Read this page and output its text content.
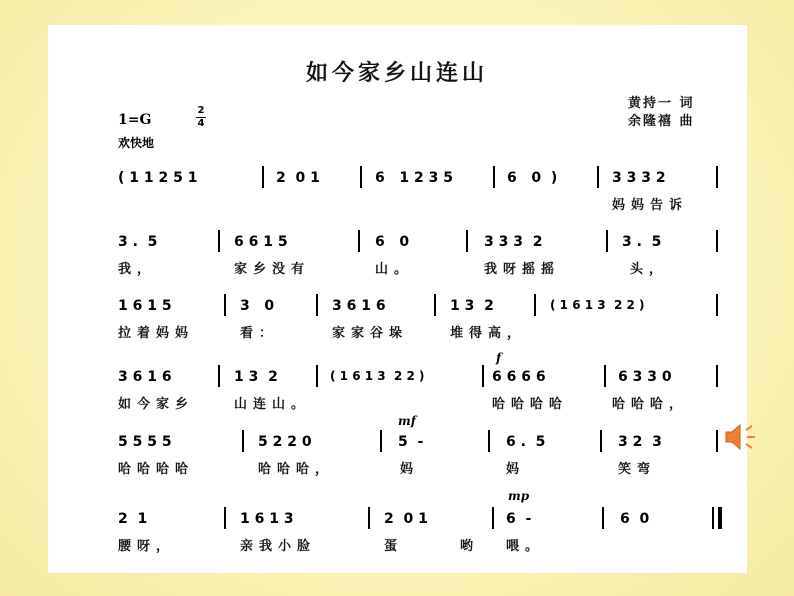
如今家乡山连山
黄持一 词
余隆禧 曲
1=G
2
4
欢快地
( 1 1 2 5 1	2  0 1	6   1 2 3 5	6   0  )	3 3 3 2
妈妈告诉
3 .  5	6 6 1 5	6   0	3 3 3  2	3 .  5
我，	家乡没有	山。	我呀摇摇	头，
1 6 1 5	3   0	3 6 1 6	1 3  2	( 1 6 1 3  2 2 )
拉着妈妈	看：	家家谷垛	堆得高，
3 6 1 6	1 3  2	( 1 6 1 3  2 2 )
f
6 6 6 6	6 3 3 0
如今家乡	山连山。	哈哈哈哈	哈哈哈，
5 5 5 5	5 2 2 0
mf
5  -	6 .  5	3 2  3
哈哈哈哈	哈哈哈，	妈	妈	笑弯
2  1	1 6 1 3	2  0 1
mp
6  -	6  0
腰呀，	亲我小脸	蛋	哟 喂。
